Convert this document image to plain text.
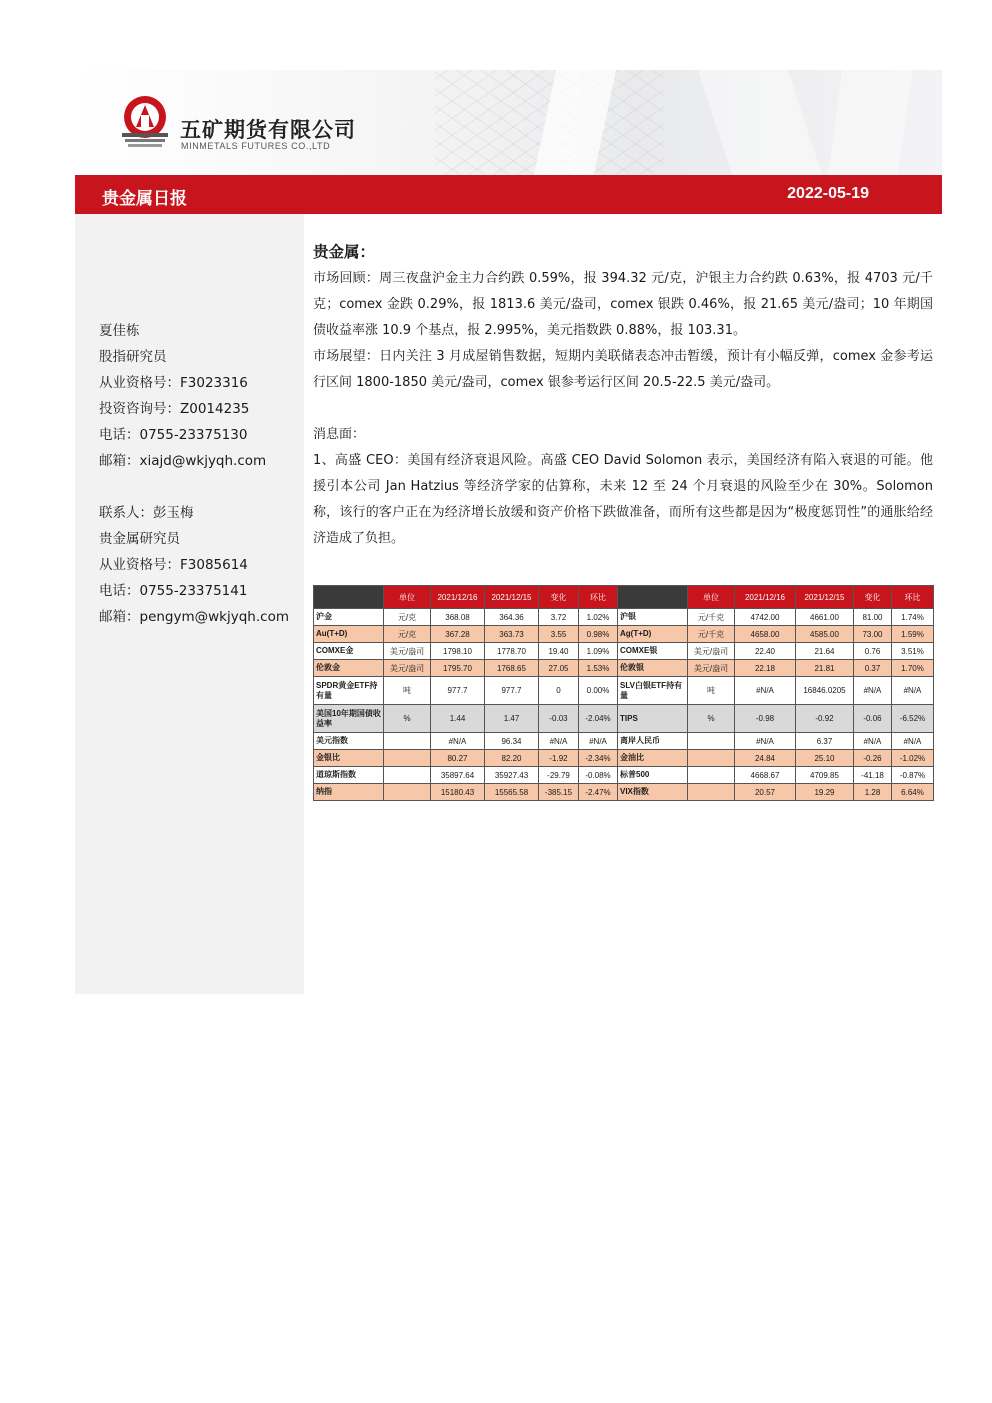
五矿期货有限公司
MINMETALS FUTURES CO.,LTD
贵金属日报	2022-05-19
夏佳栋
股指研究员
从业资格号：F3023316
投资咨询号：Z0014235
电话：0755-23375130
邮箱：xiajd@wkjyqh.com
联系人：彭玉梅
贵金属研究员
从业资格号：F3085614
电话：0755-23375141
邮箱：pengym@wkjyqh.com
贵金属：

市场回顾：周三夜盘沪金主力合约跌 0.59%，报 394.32 元/克，沪银主力合约跌 0.63%，报 4703 元/千克；comex 金跌 0.29%，报 1813.6 美元/盎司，comex 银跌 0.46%，报 21.65 美元/盎司；10 年期国债收益率涨 10.9 个基点，报 2.995%，美元指数跌 0.88%，报 103.31。

市场展望：日内关注 3 月成屋销售数据，短期内美联储表态冲击暂缓，预计有小幅反弹，comex 金参考运行区间 1800-1850 美元/盎司，comex 银参考运行区间 20.5-22.5 美元/盎司。

消息面：

1、高盛 CEO：美国有经济衰退风险。高盛 CEO David Solomon 表示，美国经济有陷入衰退的可能。他援引本公司 Jan Hatzius 等经济学家的估算称，未来 12 至 24 个月衰退的风险至少在 30%。Solomon 称，该行的客户正在为经济增长放缓和资产价格下跌做准备，而所有这些都是因为“极度惩罚性”的通胀给经济造成了负担。

	单位	2021/12/16	2021/12/15	变化	环比		单位	2021/12/16	2021/12/15	变化	环比
沪金	元/克	368.08	364.36	3.72	1.02%	沪银	元/千克	4742.00	4661.00	81.00	1.74%
Au(T+D)	元/克	367.28	363.73	3.55	0.98%	Ag(T+D)	元/千克	4658.00	4585.00	73.00	1.59%
COMXE金	美元/盎司	1798.10	1778.70	19.40	1.09%	COMXE银	美元/盎司	22.40	21.64	0.76	3.51%
伦敦金	美元/盎司	1795.70	1768.65	27.05	1.53%	伦敦银	美元/盎司	22.18	21.81	0.37	1.70%
SPDR黄金ETF持有量	吨	977.7	977.7	0	0.00%	SLV白银ETF持有量	吨	#N/A	16846.0205	#N/A	#N/A
美国10年期国债收益率	%	1.44	1.47	-0.03	-2.04%	TIPS	%	-0.98	-0.92	-0.06	-6.52%
美元指数		#N/A	96.34	#N/A	#N/A	离岸人民币		#N/A	6.37	#N/A	#N/A
金银比		80.27	82.20	-1.92	-2.34%	金油比		24.84	25.10	-0.26	-1.02%
道琼斯指数		35897.64	35927.43	-29.79	-0.08%	标普500		4668.67	4709.85	-41.18	-0.87%
纳指		15180.43	15565.58	-385.15	-2.47%	VIX指数		20.57	19.29	1.28	6.64%
